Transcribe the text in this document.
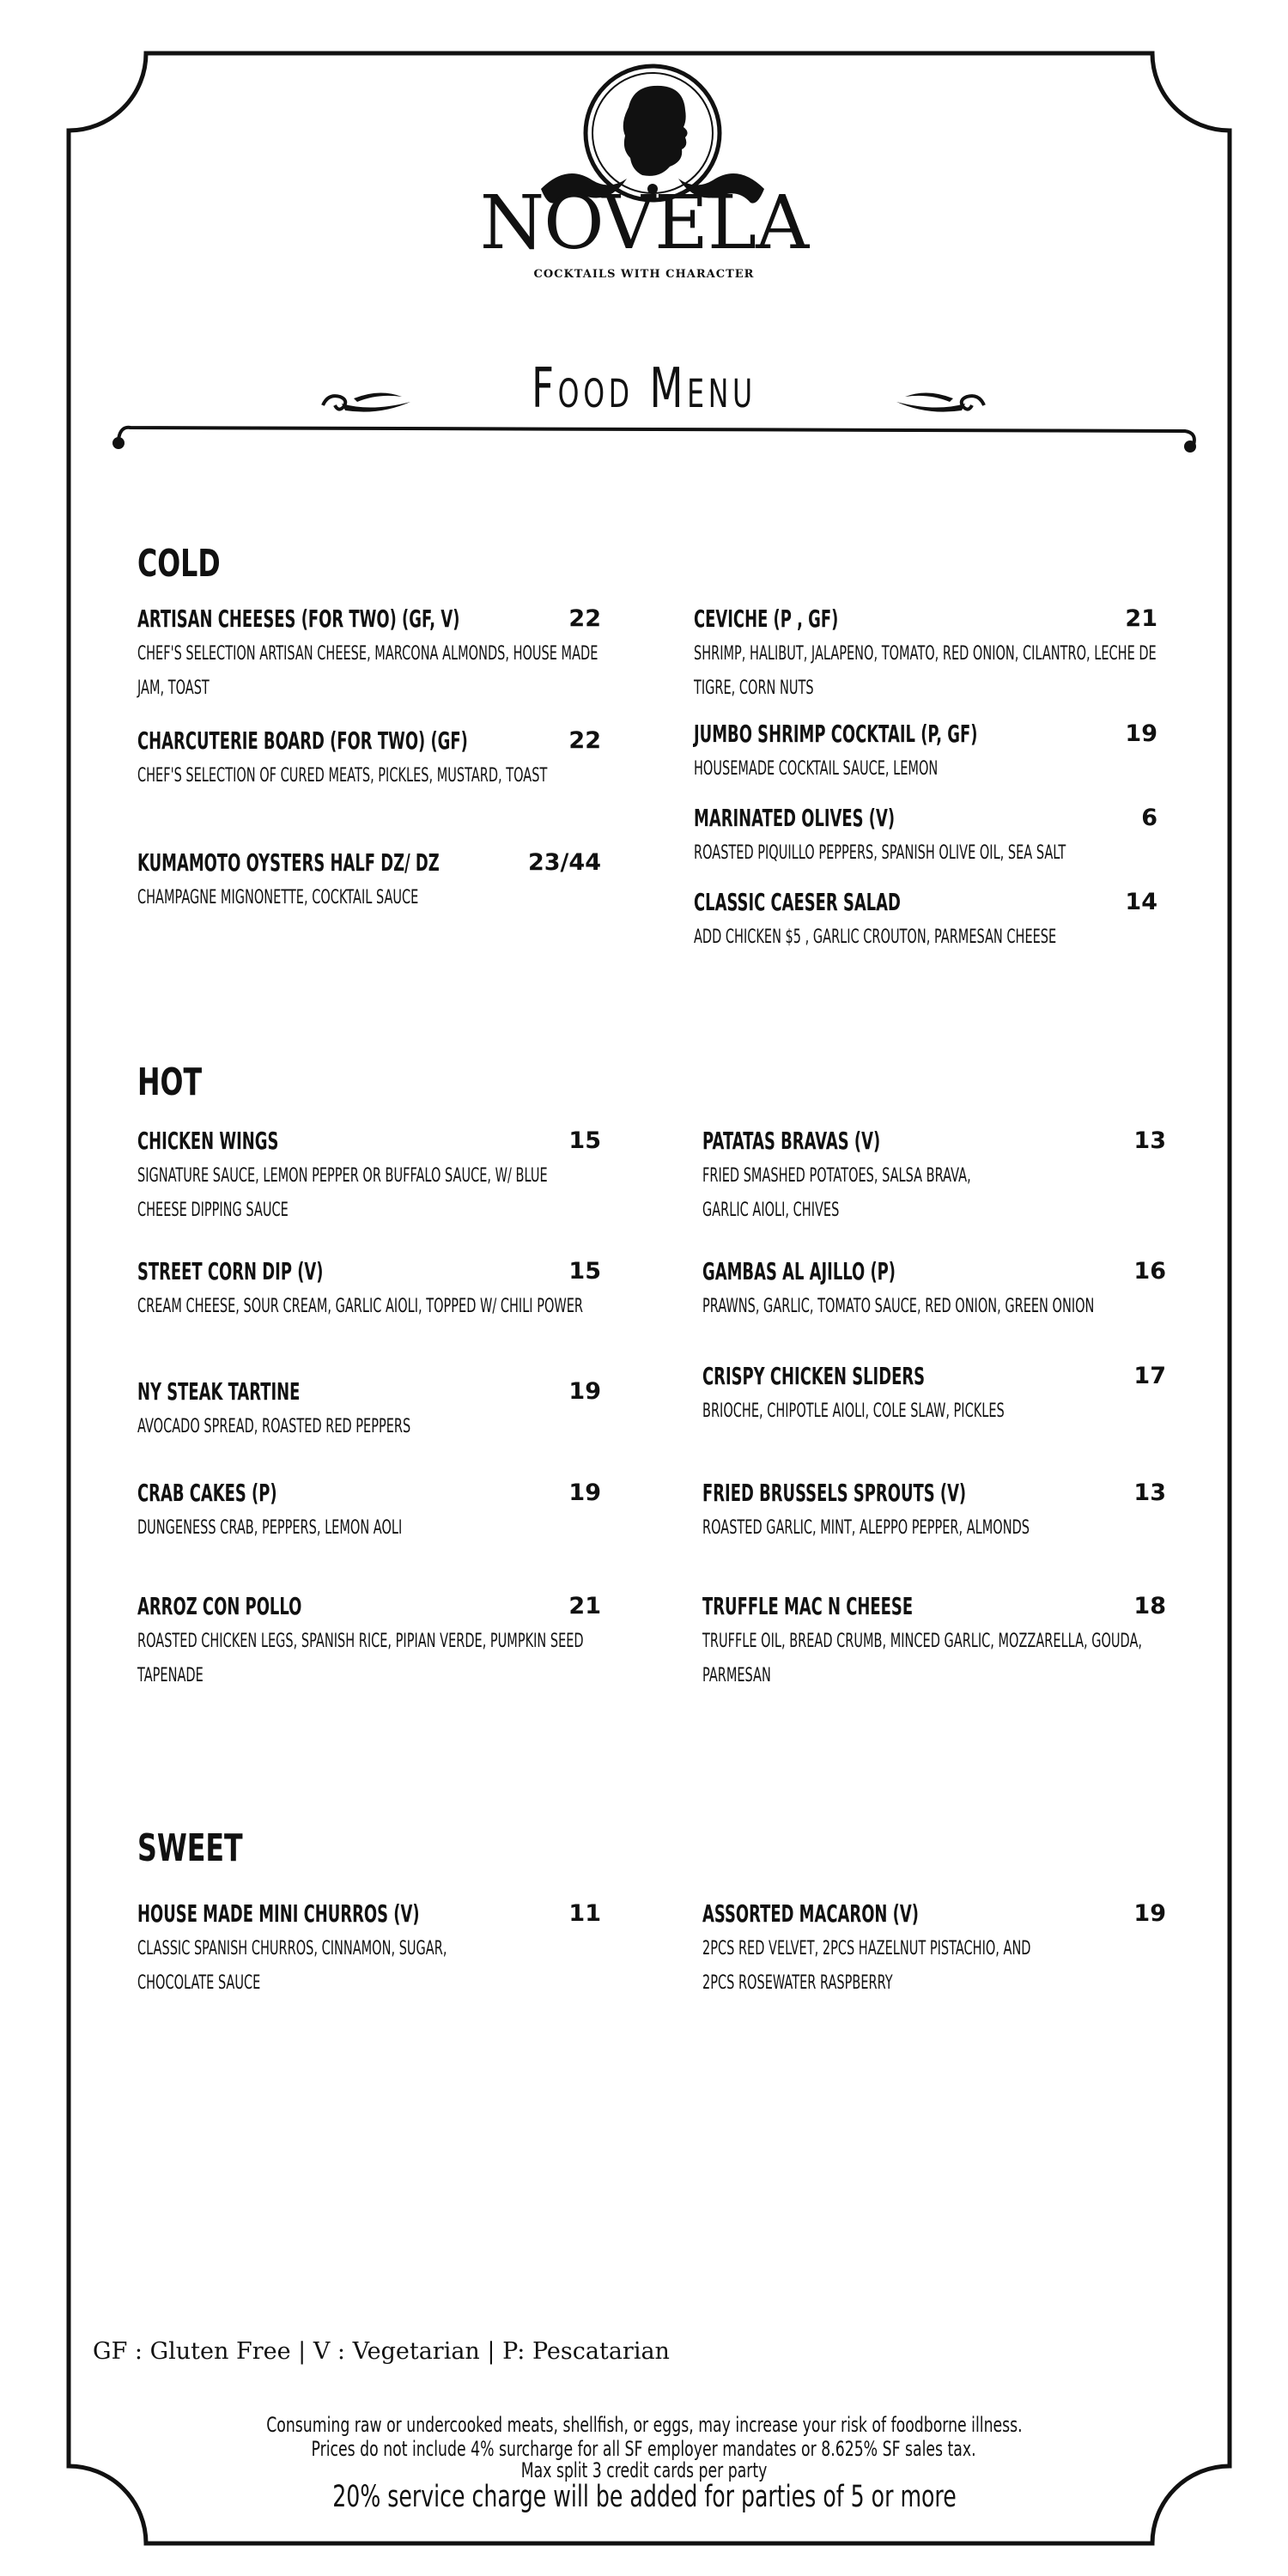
NOVELA
COCKTAILS WITH CHARACTER
Food Menu
COLD
ARTISAN CHEESES (FOR TWO) (GF, V)	22
CHEF'S SELECTION ARTISAN CHEESE, MARCONA ALMONDS, HOUSE MADE JAM, TOAST
CHARCUTERIE BOARD (FOR TWO) (GF)	22
CHEF'S SELECTION OF CURED MEATS, PICKLES, MUSTARD, TOAST
KUMAMOTO OYSTERS HALF DZ/ DZ	23/44
CHAMPAGNE MIGNONETTE, COCKTAIL SAUCE
CEVICHE (P , GF)	21
SHRIMP, HALIBUT, JALAPENO, TOMATO, RED ONION, CILANTRO, LECHE DE TIGRE, CORN NUTS
JUMBO SHRIMP COCKTAIL (P, GF)	19
HOUSEMADE COCKTAIL SAUCE, LEMON
MARINATED OLIVES (V)	6
ROASTED PIQUILLO PEPPERS, SPANISH OLIVE OIL, SEA SALT
CLASSIC CAESER SALAD	14
ADD CHICKEN $5 , GARLIC CROUTON, PARMESAN CHEESE
HOT
CHICKEN WINGS	15
SIGNATURE SAUCE, LEMON PEPPER OR BUFFALO SAUCE, W/ BLUE CHEESE DIPPING SAUCE
STREET CORN DIP (V)	15
CREAM CHEESE, SOUR CREAM, GARLIC AIOLI, TOPPED W/ CHILI POWER
NY STEAK TARTINE	19
AVOCADO SPREAD, ROASTED RED PEPPERS
CRAB CAKES (P)	19
DUNGENESS CRAB, PEPPERS, LEMON AOLI
ARROZ CON POLLO	21
ROASTED CHICKEN LEGS, SPANISH RICE, PIPIAN VERDE, PUMPKIN SEED TAPENADE
PATATAS BRAVAS (V)	13
FRIED SMASHED POTATOES, SALSA BRAVA, GARLIC AIOLI, CHIVES
GAMBAS AL AJILLO (P)	16
PRAWNS, GARLIC, TOMATO SAUCE, RED ONION, GREEN ONION
CRISPY CHICKEN SLIDERS	17
BRIOCHE, CHIPOTLE AIOLI, COLE SLAW, PICKLES
FRIED BRUSSELS SPROUTS (V)	13
ROASTED GARLIC, MINT, ALEPPO PEPPER, ALMONDS
TRUFFLE MAC N CHEESE	18
TRUFFLE OIL, BREAD CRUMB, MINCED GARLIC, MOZZARELLA, GOUDA, PARMESAN
SWEET
HOUSE MADE MINI CHURROS (V)	11
CLASSIC SPANISH CHURROS, CINNAMON, SUGAR, CHOCOLATE SAUCE
ASSORTED MACARON (V)	19
2PCS RED VELVET, 2PCS HAZELNUT PISTACHIO, AND 2PCS ROSEWATER RASPBERRY
GF : Gluten Free | V : Vegetarian | P: Pescatarian
Consuming raw or undercooked meats, shellfish, or eggs, may increase your risk of foodborne illness.
Prices do not include 4% surcharge for all SF employer mandates or 8.625% SF sales tax.
Max split 3 credit cards per party
20% service charge will be added for parties of 5 or more
